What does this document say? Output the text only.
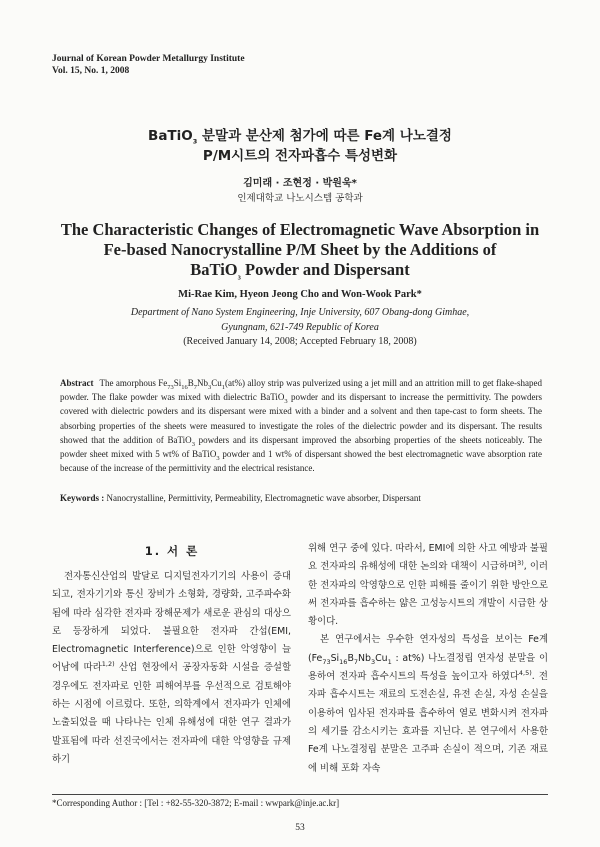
Journal of Korean Powder Metallurgy Institute
Vol. 15, No. 1, 2008
BaTiO$_3$ 분말과 분산제 첨가에 따른 Fe계 나노결정
P/M시트의 전자파흡수 특성변화
김미래 · 조현정 · 박원욱*
인제대학교 나노시스템 공학과
The Characteristic Changes of Electromagnetic Wave Absorption in
Fe-based Nanocrystalline P/M Sheet by the Additions of
BaTiO$_3$ Powder and Dispersant
Mi-Rae Kim, Hyeon Jeong Cho and Won-Wook Park*
Department of Nano System Engineering, Inje University, 607 Obang-dong Gimhae,
Gyungnam, 621-749 Republic of Korea
(Received January 14, 2008; Accepted February 18, 2008)
Abstract The amorphous $Fe_{73}Si_{16}B_7Nb_3Cu_1(at\%)$ alloy strip was pulverized using a jet mill and an attrition mill to get flake-shaped powder. The flake powder was mixed with dielectric BaTiO$_3$ powder and its dispersant to increase the permittivity. The powders covered with dielectric powders and its dispersant were mixed with a binder and a solvent and then tape-cast to form sheets. The absorbing properties of the sheets were measured to investigate the roles of the dielectric powder and its dispersant. The results showed that the addition of BaTiO$_3$ powders and its dispersant improved the absorbing properties of the sheets noticeably. The powder sheet mixed with 5 wt% of BaTiO$_3$ powder and 1 wt% of dispersant showed the best electromagnetic wave absorption rate because of the increase of the permittivity and the electrical resistance.
Keywords : Nanocrystalline, Permittivity, Permeability, Electromagnetic wave absorber, Dispersant
1. 서 론

전자통신산업의 발달로 디지털전자기기의 사용이 증대되고, 전자기기와 통신 장비가 소형화, 경량화, 고주파수화됨에 따라 심각한 전자파 장해문제가 새로운 관심의 대상으로 등장하게 되었다. 불필요한 전자파 간섭(EMI, Electromagnetic Interference)으로 인한 악영향이 늘어남에 따라$^{1,2)}$ 산업 현장에서 공장자동화 시설을 증설할 경우에도 전자파로 인한 피해여부를 우선적으로 검토해야하는 시점에 이르렀다. 또한, 의학계에서 전자파가 인체에 노출되었을 때 나타나는 인체 유해성에 대한 연구 결과가 발표됨에 따라 선진국에서는 전자파에 대한 악영향을 규제하기

위해 연구 중에 있다. 따라서, EMI에 의한 사고 예방과 불필요 전자파의 유해성에 대한 논의와 대책이 시급하며$^{3)}$, 이러한 전자파의 악영향으로 인한 피해를 줄이기 위한 방안으로써 전자파를 흡수하는 얇은 고성능시트의 개발이 시급한 상황이다.

본 연구에서는 우수한 연자성의 특성을 보이는 Fe계($Fe_{73}Si_{16}B_7Nb_3Cu_1$ : at%) 나노결정립 연자성 분말을 이용하여 전자파 흡수시트의 특성을 높이고자 하였다$^{4,5)}$. 전자파 흡수시트는 재료의 도전손실, 유전 손실, 자성 손실을 이용하여 입사된 전자파를 흡수하여 열로 변화시켜 전자파의 세기를 감소시키는 효과를 지닌다. 본 연구에서 사용한 Fe계 나노결정립 분말은 고주파 손실이 적으며, 기존 재료에 비해 포화 자속

*Corresponding Author : [Tel : +82-55-320-3872; E-mail : wwpark@inje.ac.kr]
53
